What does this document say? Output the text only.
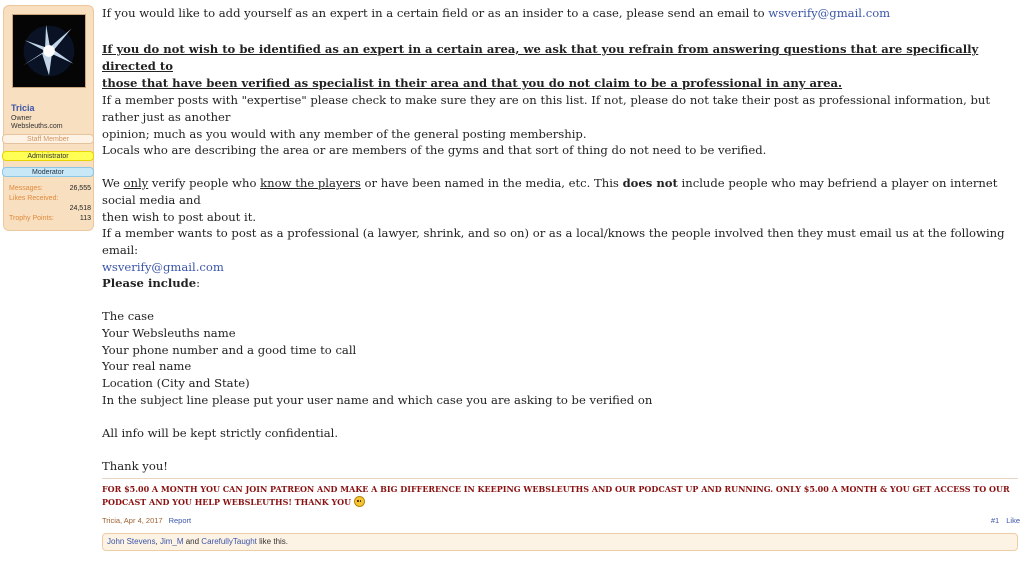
Tricia
Owner
Websleuths.com
Staff Member
Administrator
Moderator
Messages:	26,555
Likes Received:
24,518
Trophy Points:	113

If you would like to add yourself as an expert in a certain field or as an insider to a case, please send an email to wsverify@gmail.com

If you do not wish to be identified as an expert in a certain area, we ask that you refrain from answering questions that are specifically directed to
those that have been verified as specialist in their area and that you do not claim to be a professional in any area.

If a member posts with "expertise" please check to make sure they are on this list. If not, please do not take their post as professional information, but rather just as another
opinion; much as you would with any member of the general posting membership.

Locals who are describing the area or are members of the gyms and that sort of thing do not need to be verified.

We only verify people who know the players or have been named in the media, etc. This does not include people who may befriend a player on internet social media and
then wish to post about it.

If a member wants to post as a professional (a lawyer, shrink, and so on) or as a local/knows the people involved then they must email us at the following email:
wsverify@gmail.com

Please include:

The case
Your Websleuths name
Your phone number and a good time to call
Your real name
Location (City and State)
In the subject line please put your user name and which case you are asking to be verified on

All info will be kept strictly confidential.

Thank you!

FOR $5.00 A MONTH YOU CAN JOIN PATREON AND MAKE A BIG DIFFERENCE IN KEEPING WEBSLEUTHS AND OUR PODCAST UP AND RUNNING. ONLY $5.00 A MONTH & YOU GET ACCESS TO OUR
PODCAST AND YOU HELP WEBSLEUTHS! THANK YOU
Tricia, Apr 4, 2017 Report	#1 Like
John Stevens, Jim_M and CarefullyTaught like this.
